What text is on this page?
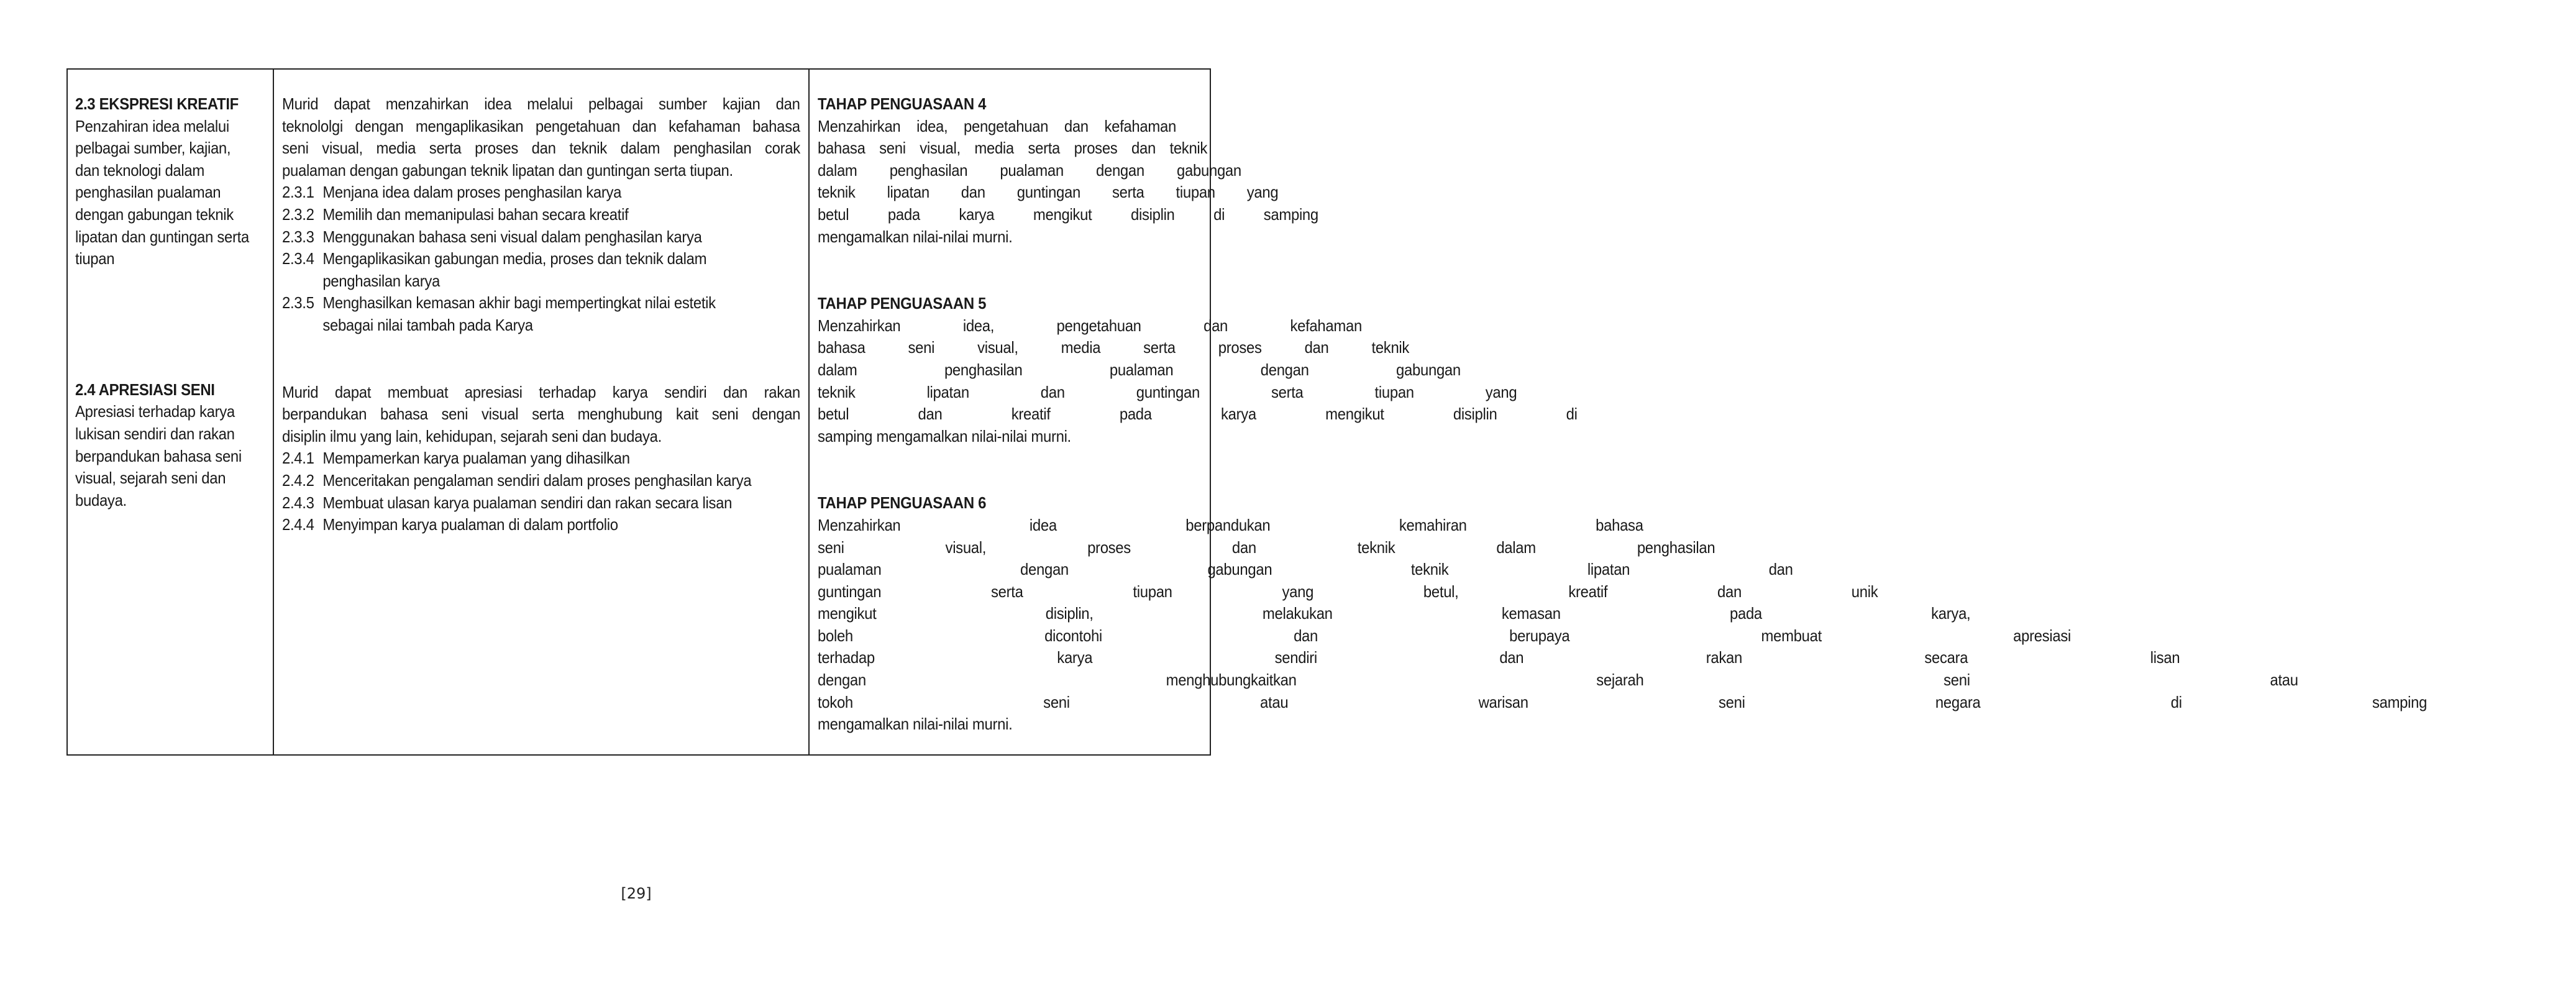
2.3 EKSPRESI KREATIF
Penzahiran idea melalui
pelbagai sumber, kajian,
dan teknologi dalam
penghasilan pualaman
dengan gabungan teknik
lipatan dan guntingan serta
tiupan
2.4 APRESIASI SENI
Apresiasi terhadap karya
lukisan sendiri dan rakan
berpandukan bahasa seni
visual, sejarah seni dan
budaya.
Murid dapat menzahirkan idea melalui pelbagai sumber kajian dan
teknololgi dengan mengaplikasikan pengetahuan dan kefahaman bahasa
seni visual, media serta proses dan teknik dalam penghasilan corak
pualaman dengan gabungan teknik lipatan dan guntingan serta tiupan.
2.3.1 Menjana idea dalam proses penghasilan karya
2.3.2 Memilih dan memanipulasi bahan secara kreatif
2.3.3 Menggunakan bahasa seni visual dalam penghasilan karya
2.3.4 Mengaplikasikan gabungan media, proses dan teknik dalam
penghasilan karya
2.3.5 Menghasilkan kemasan akhir bagi mempertingkat nilai estetik
sebagai nilai tambah pada Karya
Murid dapat membuat apresiasi terhadap karya sendiri dan rakan
berpandukan bahasa seni visual serta menghubung kait seni dengan
disiplin ilmu yang lain, kehidupan, sejarah seni dan budaya.
2.4.1 Mempamerkan karya pualaman yang dihasilkan
2.4.2 Menceritakan pengalaman sendiri dalam proses penghasilan karya
2.4.3 Membuat ulasan karya pualaman sendiri dan rakan secara lisan
2.4.4 Menyimpan karya pualaman di dalam portfolio
TAHAP PENGUASAAN 4
Menzahirkan idea, pengetahuan dan kefahaman
bahasa seni visual, media serta proses dan teknik
dalam penghasilan pualaman dengan gabungan
teknik lipatan dan guntingan serta tiupan yang
betul pada karya mengikut disiplin di samping
mengamalkan nilai-nilai murni.
TAHAP PENGUASAAN 5
Menzahirkan idea, pengetahuan dan kefahaman
bahasa seni visual, media serta proses dan teknik
dalam penghasilan pualaman dengan gabungan
teknik lipatan dan guntingan serta tiupan yang
betul dan kreatif pada karya mengikut disiplin di
samping mengamalkan nilai-nilai murni.
TAHAP PENGUASAAN 6
Menzahirkan idea berpandukan kemahiran bahasa
seni visual, proses dan teknik dalam penghasilan
pualaman dengan gabungan teknik lipatan dan
guntingan serta tiupan yang betul, kreatif dan unik
mengikut disiplin, melakukan kemasan pada karya,
boleh dicontohi dan berupaya membuat apresiasi
terhadap karya sendiri dan rakan secara lisan
dengan menghubungkaitkan sejarah seni atau
tokoh seni atau warisan seni negara di samping
mengamalkan nilai-nilai murni.
[29]
